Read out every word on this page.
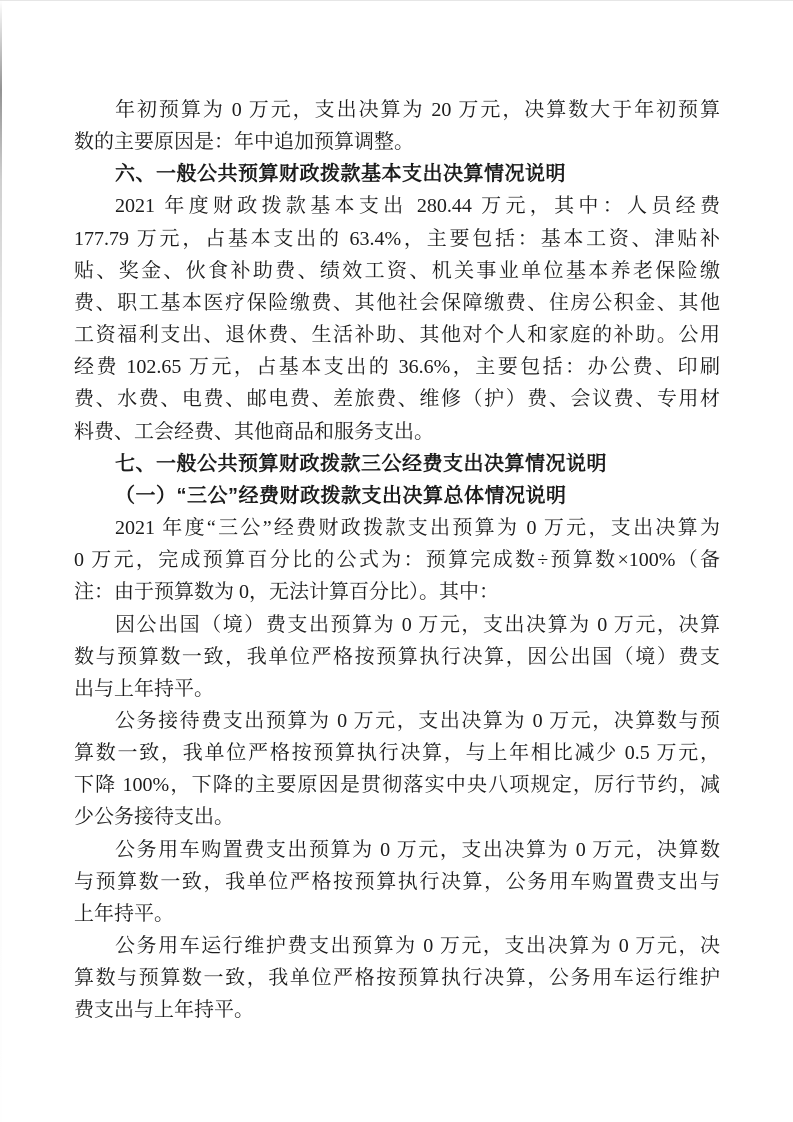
年初预算为 0 万元，支出决算为 20 万元，决算数大于年初预算
数的主要原因是：年中追加预算调整。
六、一般公共预算财政拨款基本支出决算情况说明
2021 年度财政拨款基本支出 280.44 万元，其中：人员经费
177.79 万元，占基本支出的 63.4%，主要包括：基本工资、津贴补
贴、奖金、伙食补助费、绩效工资、机关事业单位基本养老保险缴
费、职工基本医疗保险缴费、其他社会保障缴费、住房公积金、其他
工资福利支出、退休费、生活补助、其他对个人和家庭的补助。公用
经费 102.65 万元，占基本支出的 36.6%，主要包括：办公费、印刷
费、水费、电费、邮电费、差旅费、维修（护）费、会议费、专用材
料费、工会经费、其他商品和服务支出。
七、一般公共预算财政拨款三公经费支出决算情况说明
（一）“三公”经费财政拨款支出决算总体情况说明
2021 年度“三公”经费财政拨款支出预算为 0 万元，支出决算为
0 万元，完成预算百分比的公式为：预算完成数÷预算数×100%（备
注：由于预算数为 0，无法计算百分比）。其中：
因公出国（境）费支出预算为 0 万元，支出决算为 0 万元，决算
数与预算数一致，我单位严格按预算执行决算，因公出国（境）费支
出与上年持平。
公务接待费支出预算为 0 万元，支出决算为 0 万元，决算数与预
算数一致，我单位严格按预算执行决算，与上年相比减少 0.5 万元，
下降 100%，下降的主要原因是贯彻落实中央八项规定，厉行节约，减
少公务接待支出。
公务用车购置费支出预算为 0 万元，支出决算为 0 万元，决算数
与预算数一致，我单位严格按预算执行决算，公务用车购置费支出与
上年持平。
公务用车运行维护费支出预算为 0 万元，支出决算为 0 万元，决
算数与预算数一致，我单位严格按预算执行决算，公务用车运行维护
费支出与上年持平。
